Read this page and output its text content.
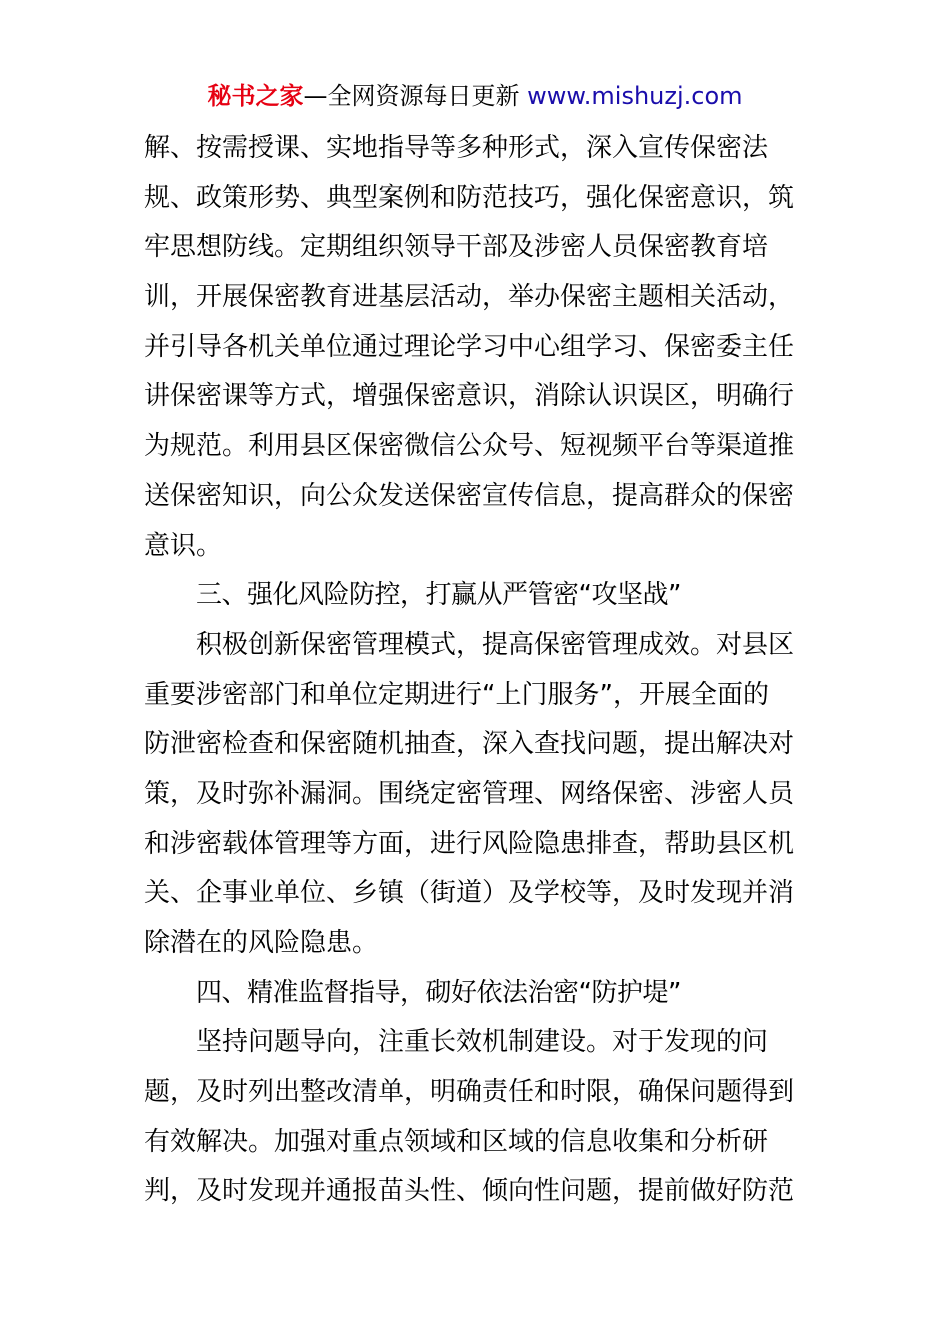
秘书之家—全网资源每日更新 www.mishuzj.com
解、按需授课、实地指导等多种形式，深入宣传保密法
规、政策形势、典型案例和防范技巧，强化保密意识，筑
牢思想防线。定期组织领导干部及涉密人员保密教育培
训，开展保密教育进基层活动，举办保密主题相关活动，
并引导各机关单位通过理论学习中心组学习、保密委主任
讲保密课等方式，增强保密意识，消除认识误区，明确行
为规范。利用县区保密微信公众号、短视频平台等渠道推
送保密知识，向公众发送保密宣传信息，提高群众的保密
意识。
三、强化风险防控，打赢从严管密“攻坚战”
积极创新保密管理模式，提高保密管理成效。对县区
重要涉密部门和单位定期进行“上门服务”，开展全面的
防泄密检查和保密随机抽查，深入查找问题，提出解决对
策，及时弥补漏洞。围绕定密管理、网络保密、涉密人员
和涉密载体管理等方面，进行风险隐患排查，帮助县区机
关、企事业单位、乡镇（街道）及学校等，及时发现并消
除潜在的风险隐患。
四、精准监督指导，砌好依法治密“防护堤”
坚持问题导向，注重长效机制建设。对于发现的问
题，及时列出整改清单，明确责任和时限，确保问题得到
有效解决。加强对重点领域和区域的信息收集和分析研
判，及时发现并通报苗头性、倾向性问题，提前做好防范
